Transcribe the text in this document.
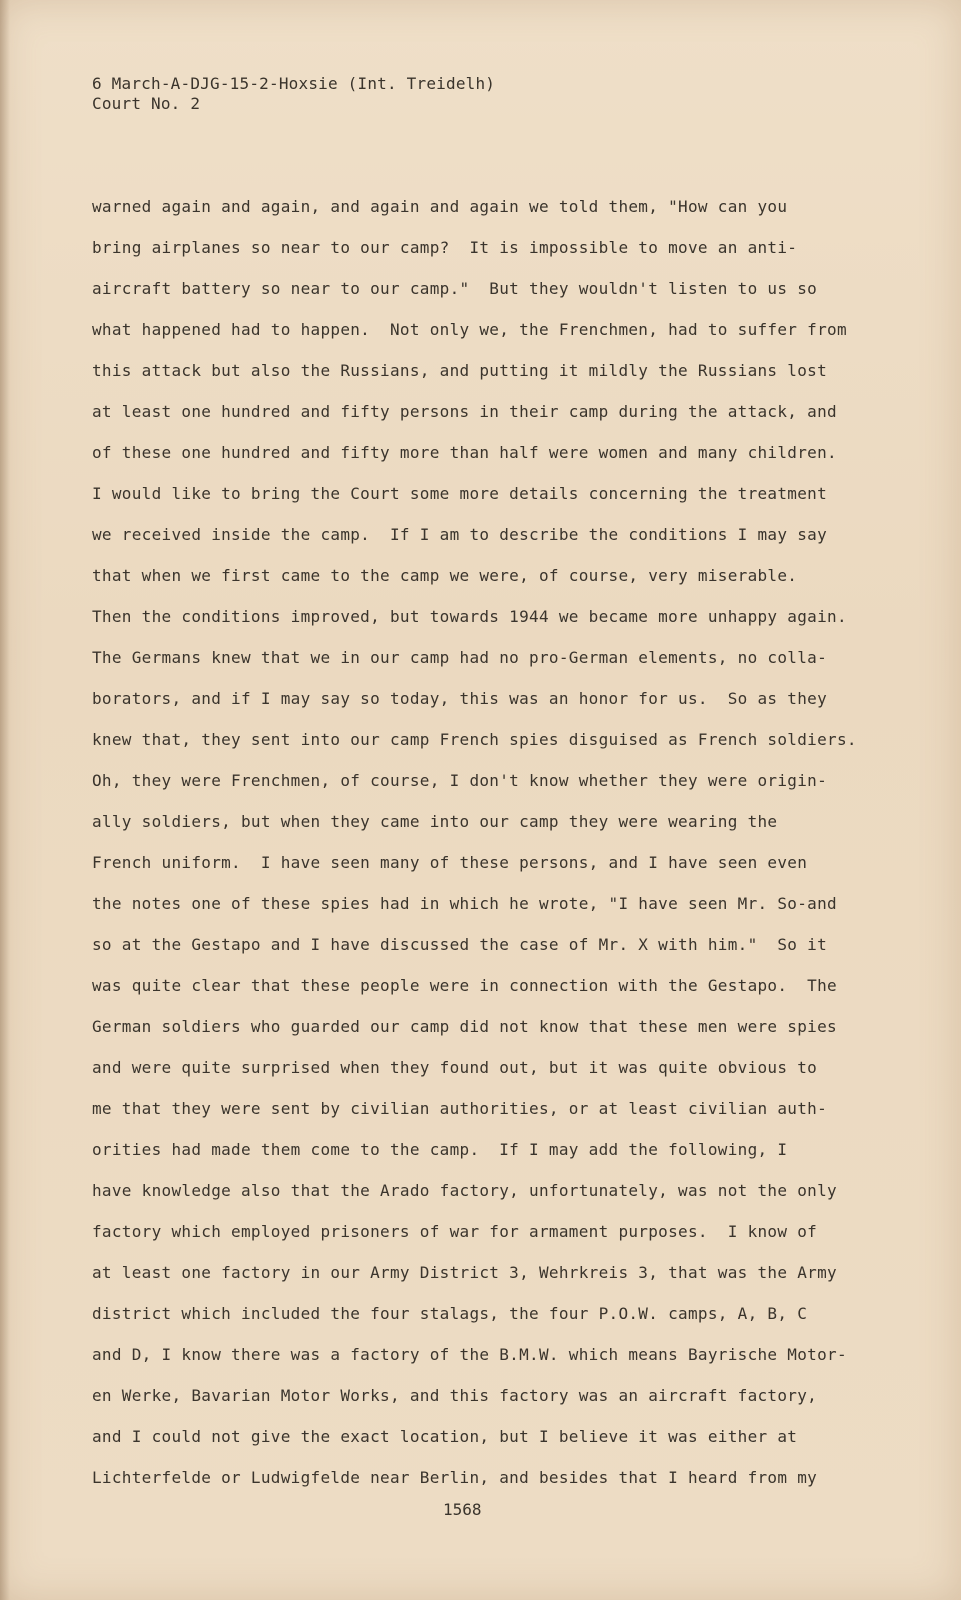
6 March-A-DJG-15-2-Hoxsie (Int. Treidelh)
Court No. 2
warned again and again, and again and again we told them, "How can you
bring airplanes so near to our camp?  It is impossible to move an anti-
aircraft battery so near to our camp."  But they wouldn't listen to us so
what happened had to happen.  Not only we, the Frenchmen, had to suffer from
this attack but also the Russians, and putting it mildly the Russians lost
at least one hundred and fifty persons in their camp during the attack, and
of these one hundred and fifty more than half were women and many children.
I would like to bring the Court some more details concerning the treatment
we received inside the camp.  If I am to describe the conditions I may say
that when we first came to the camp we were, of course, very miserable.
Then the conditions improved, but towards 1944 we became more unhappy again.
The Germans knew that we in our camp had no pro-German elements, no colla-
borators, and if I may say so today, this was an honor for us.  So as they
knew that, they sent into our camp French spies disguised as French soldiers.
Oh, they were Frenchmen, of course, I don't know whether they were origin-
ally soldiers, but when they came into our camp they were wearing the
French uniform.  I have seen many of these persons, and I have seen even
the notes one of these spies had in which he wrote, "I have seen Mr. So-and
so at the Gestapo and I have discussed the case of Mr. X with him."  So it
was quite clear that these people were in connection with the Gestapo.  The
German soldiers who guarded our camp did not know that these men were spies
and were quite surprised when they found out, but it was quite obvious to
me that they were sent by civilian authorities, or at least civilian auth-
orities had made them come to the camp.  If I may add the following, I
have knowledge also that the Arado factory, unfortunately, was not the only
factory which employed prisoners of war for armament purposes.  I know of
at least one factory in our Army District 3, Wehrkreis 3, that was the Army
district which included the four stalags, the four P.O.W. camps, A, B, C
and D, I know there was a factory of the B.M.W. which means Bayrische Motor-
en Werke, Bavarian Motor Works, and this factory was an aircraft factory,
and I could not give the exact location, but I believe it was either at
Lichterfelde or Ludwigfelde near Berlin, and besides that I heard from my
1568
